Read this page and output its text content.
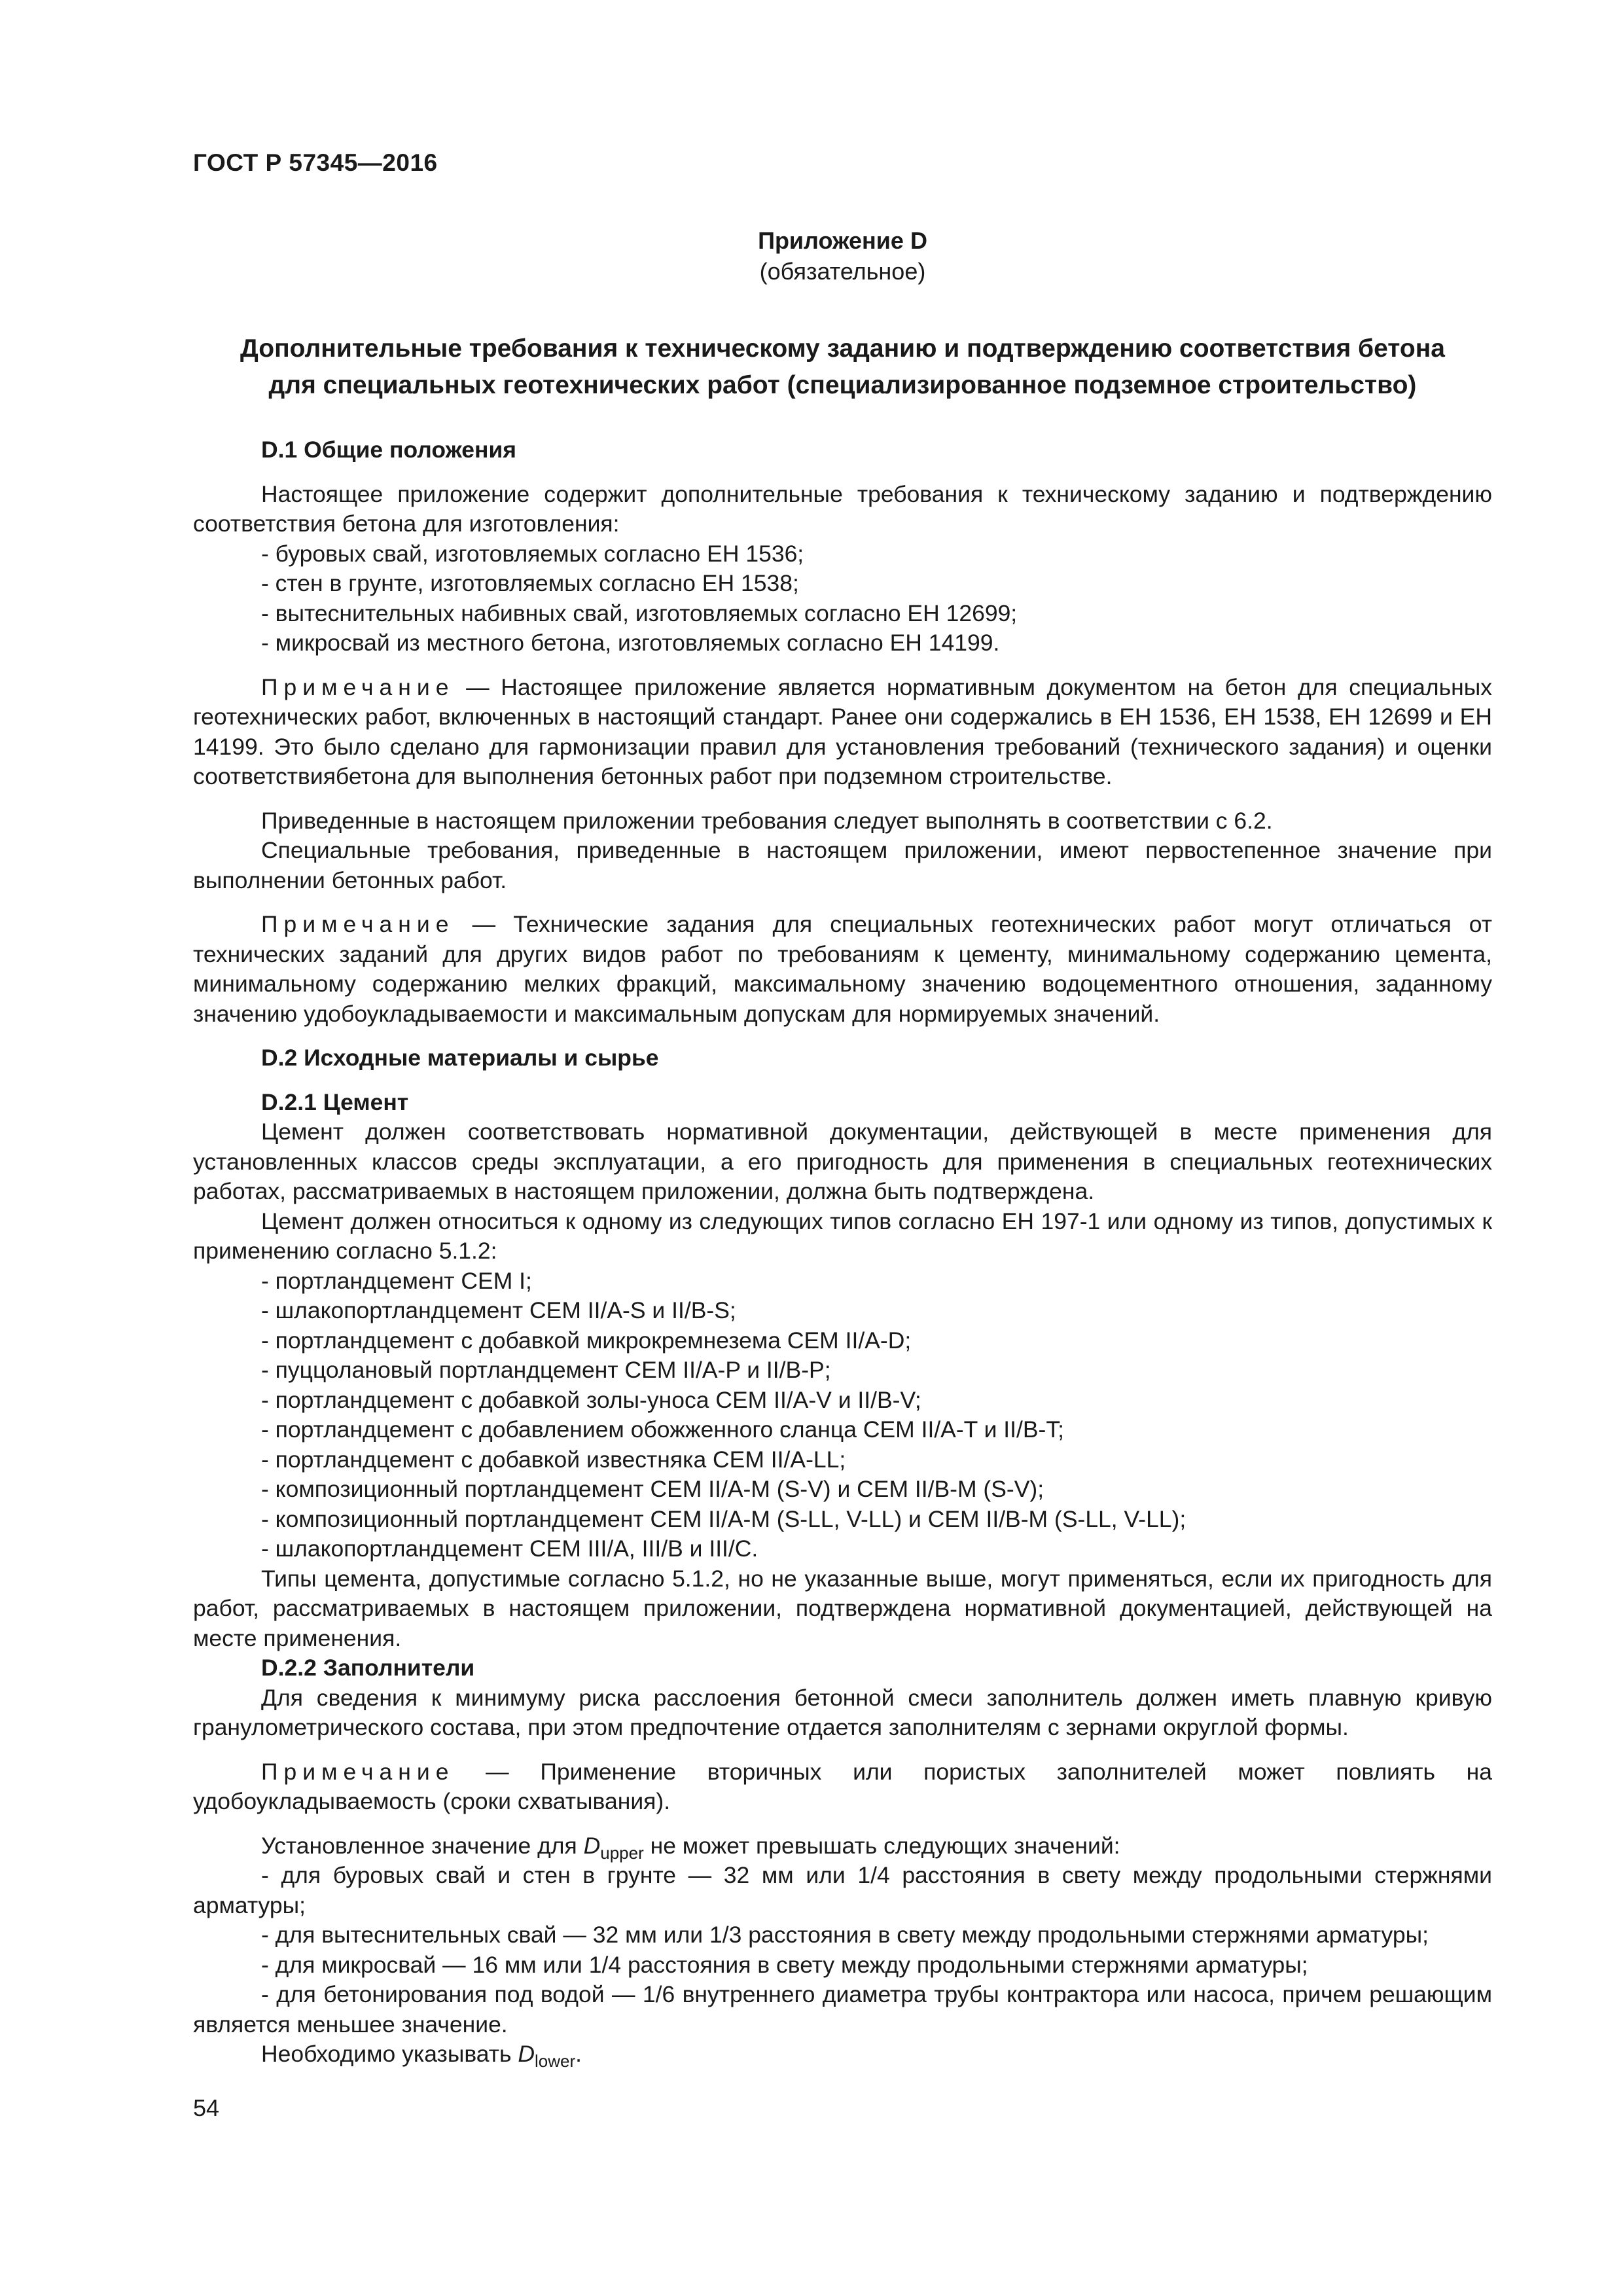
ГОСТ Р 57345—2016
Приложение D
(обязательное)
Дополнительные требования к техническому заданию и подтверждению соответствия бетона
для специальных геотехнических работ (специализированное подземное строительство)

D.1 Общие положения

Настоящее приложение содержит дополнительные требования к техническому заданию и подтверждению соответствия бетона для изготовления:

- буровых свай, изготовляемых согласно ЕН 1536;

- стен в грунте, изготовляемых согласно ЕН 1538;

- вытеснительных набивных свай, изготовляемых согласно ЕН 12699;

- микросвай из местного бетона, изготовляемых согласно ЕН 14199.

Примечание — Настоящее приложение является нормативным документом на бетон для специальных геотехнических работ, включенных в настоящий стандарт. Ранее они содержались в ЕН 1536, ЕН 1538, ЕН 12699 и ЕН 14199. Это было сделано для гармонизации правил для установления требований (технического задания) и оценки соответствиябетона для выполнения бетонных работ при подземном строительстве.

Приведенные в настоящем приложении требования следует выполнять в соответствии с 6.2.

Специальные требования, приведенные в настоящем приложении, имеют первостепенное значение при выполнении бетонных работ.

Примечание — Технические задания для специальных геотехнических работ могут отличаться от технических заданий для других видов работ по требованиям к цементу, минимальному содержанию цемента, минимальному содержанию мелких фракций, максимальному значению водоцементного отношения, заданному значению удобоукладываемости и максимальным допускам для нормируемых значений.

D.2 Исходные материалы и сырье

D.2.1 Цемент

Цемент должен соответствовать нормативной документации, действующей в месте применения для установленных классов среды эксплуатации, а его пригодность для применения в специальных геотехнических работах, рассматриваемых в настоящем приложении, должна быть подтверждена.

Цемент должен относиться к одному из следующих типов согласно ЕН 197-1 или одному из типов, допустимых к применению согласно 5.1.2:

- портландцемент CEM I;

- шлакопортландцемент CEM II/A-S и II/B-S;

- портландцемент с добавкой микрокремнезема CEM II/A-D;

- пуццолановый портландцемент CEM II/A-P и II/B-P;

- портландцемент с добавкой золы-уноса CEM II/A-V и II/B-V;

- портландцемент с добавлением обожженного сланца CEM II/A-T и II/B-T;

- портландцемент с добавкой известняка CEM II/A-LL;

- композиционный портландцемент CEM II/A-M (S-V) и CEM II/B-M (S-V);

- композиционный портландцемент CEM II/A-M (S-LL, V-LL) и CEM II/B-M (S-LL, V-LL);

- шлакопортландцемент CEM III/A, III/B и III/C.

Типы цемента, допустимые согласно 5.1.2, но не указанные выше, могут применяться, если их пригодность для работ, рассматриваемых в настоящем приложении, подтверждена нормативной документацией, действующей на месте применения.

D.2.2 Заполнители

Для сведения к минимуму риска расслоения бетонной смеси заполнитель должен иметь плавную кривую гранулометрического состава, при этом предпочтение отдается заполнителям с зернами округлой формы.

Примечание — Применение вторичных или пористых заполнителей может повлиять на удобоукладываемость (сроки схватывания).

Установленное значение для $D_{upper}$ не может превышать следующих значений:

- для буровых свай и стен в грунте — 32 мм или 1/4 расстояния в свету между продольными стержнями арматуры;

- для вытеснительных свай — 32 мм или 1/3 расстояния в свету между продольными стержнями арматуры;

- для микросвай — 16 мм или 1/4 расстояния в свету между продольными стержнями арматуры;

- для бетонирования под водой — 1/6 внутреннего диаметра трубы контрактора или насоса, причем решающим является меньшее значение.

Необходимо указывать $D_{lower}$.

54
